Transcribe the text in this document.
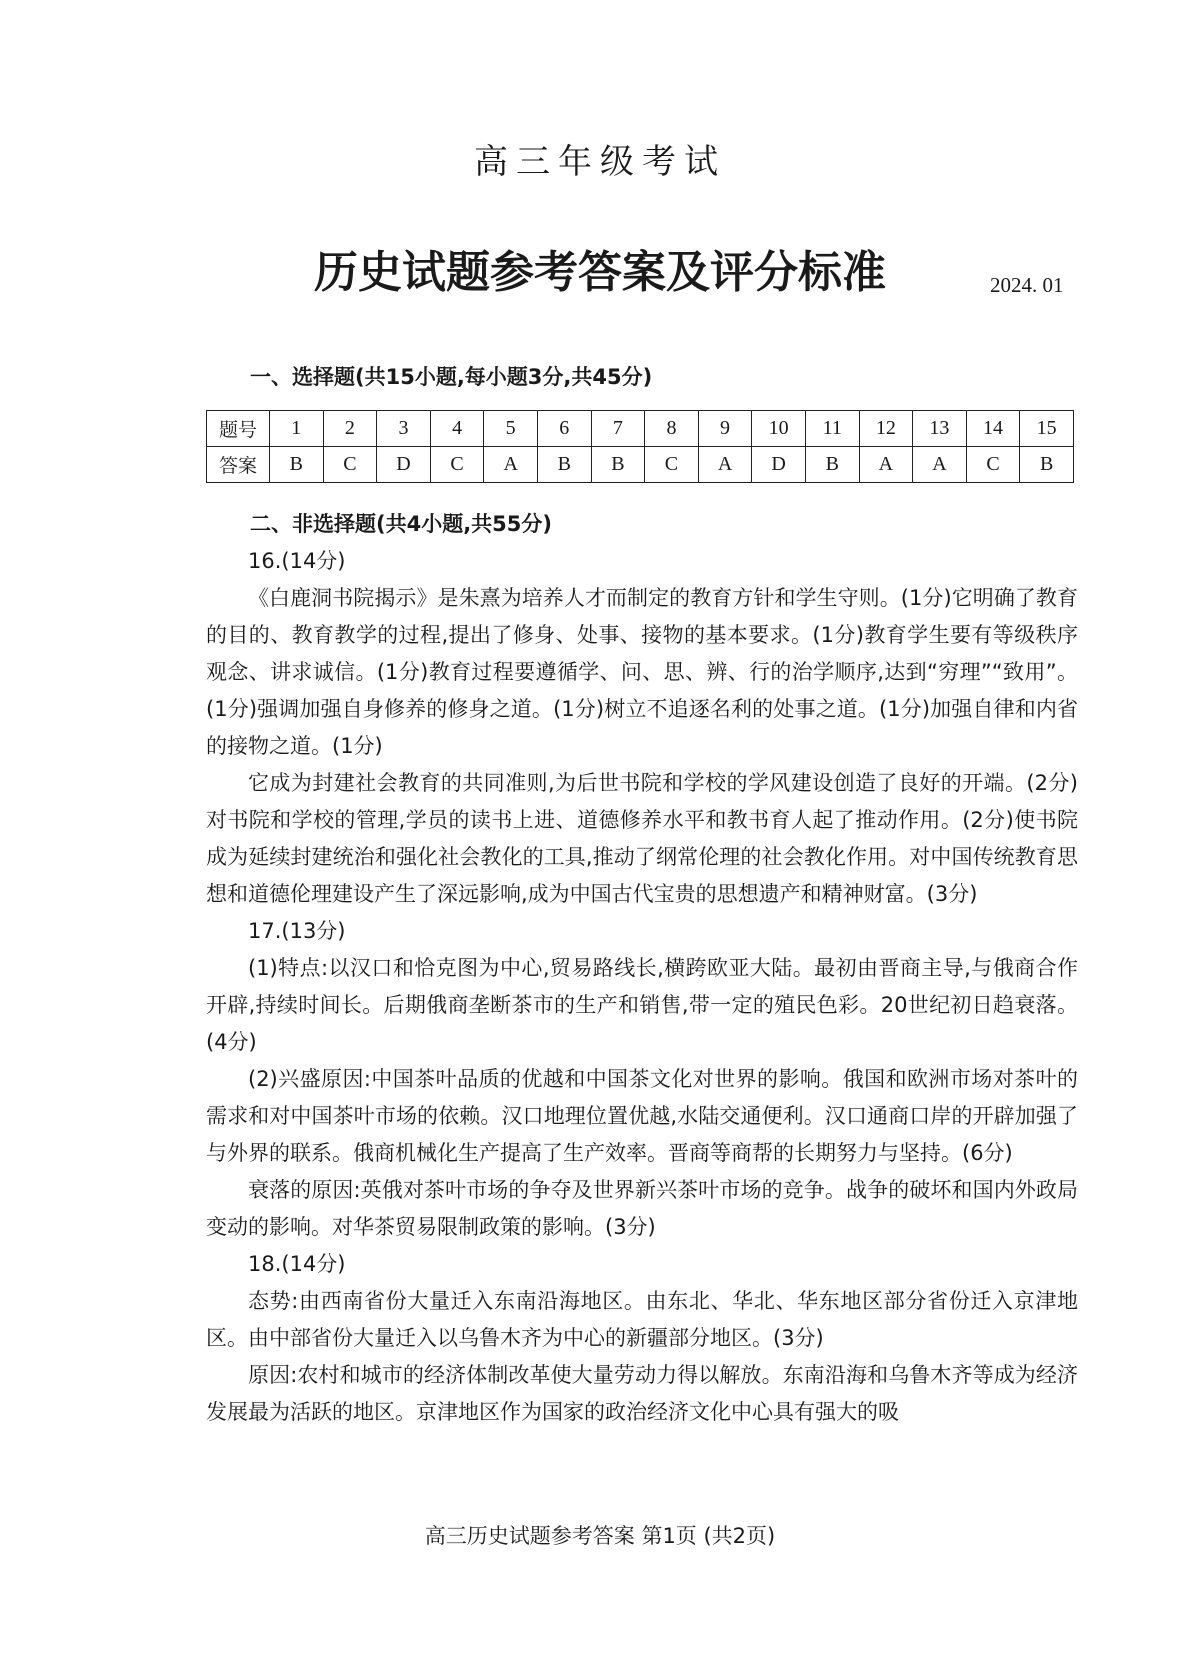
高三年级考试
历史试题参考答案及评分标准	2024. 01
一、选择题(共15小题,每小题3分,共45分)
题号	1	2	3	4	5	6	7	8	9	10	11	12	13	14	15
答案	B	C	D	C	A	B	B	C	A	D	B	A	A	C	B
二、非选择题(共4小题,共55分)

16.(14分)

《白鹿洞书院揭示》是朱熹为培养人才而制定的教育方针和学生守则。(1分)它明确了教育的目的、教育教学的过程,提出了修身、处事、接物的基本要求。(1分)教育学生要有等级秩序观念、讲求诚信。(1分)教育过程要遵循学、问、思、辨、行的治学顺序,达到“穷理”“致用”。(1分)强调加强自身修养的修身之道。(1分)树立不追逐名利的处事之道。(1分)加强自律和内省的接物之道。(1分)

它成为封建社会教育的共同准则,为后世书院和学校的学风建设创造了良好的开端。(2分)对书院和学校的管理,学员的读书上进、道德修养水平和教书育人起了推动作用。(2分)使书院成为延续封建统治和强化社会教化的工具,推动了纲常伦理的社会教化作用。对中国传统教育思想和道德伦理建设产生了深远影响,成为中国古代宝贵的思想遗产和精神财富。(3分)

17.(13分)

(1)特点:以汉口和恰克图为中心,贸易路线长,横跨欧亚大陆。最初由晋商主导,与俄商合作开辟,持续时间长。后期俄商垄断茶市的生产和销售,带一定的殖民色彩。20世纪初日趋衰落。(4分)

(2)兴盛原因:中国茶叶品质的优越和中国茶文化对世界的影响。俄国和欧洲市场对茶叶的需求和对中国茶叶市场的依赖。汉口地理位置优越,水陆交通便利。汉口通商口岸的开辟加强了与外界的联系。俄商机械化生产提高了生产效率。晋商等商帮的长期努力与坚持。(6分)

衰落的原因:英俄对茶叶市场的争夺及世界新兴茶叶市场的竞争。战争的破坏和国内外政局变动的影响。对华茶贸易限制政策的影响。(3分)

18.(14分)

态势:由西南省份大量迁入东南沿海地区。由东北、华北、华东地区部分省份迁入京津地区。由中部省份大量迁入以乌鲁木齐为中心的新疆部分地区。(3分)

原因:农村和城市的经济体制改革使大量劳动力得以解放。东南沿海和乌鲁木齐等成为经济发展最为活跃的地区。京津地区作为国家的政治经济文化中心具有强大的吸

高三历史试题参考答案 第1页 (共2页)
